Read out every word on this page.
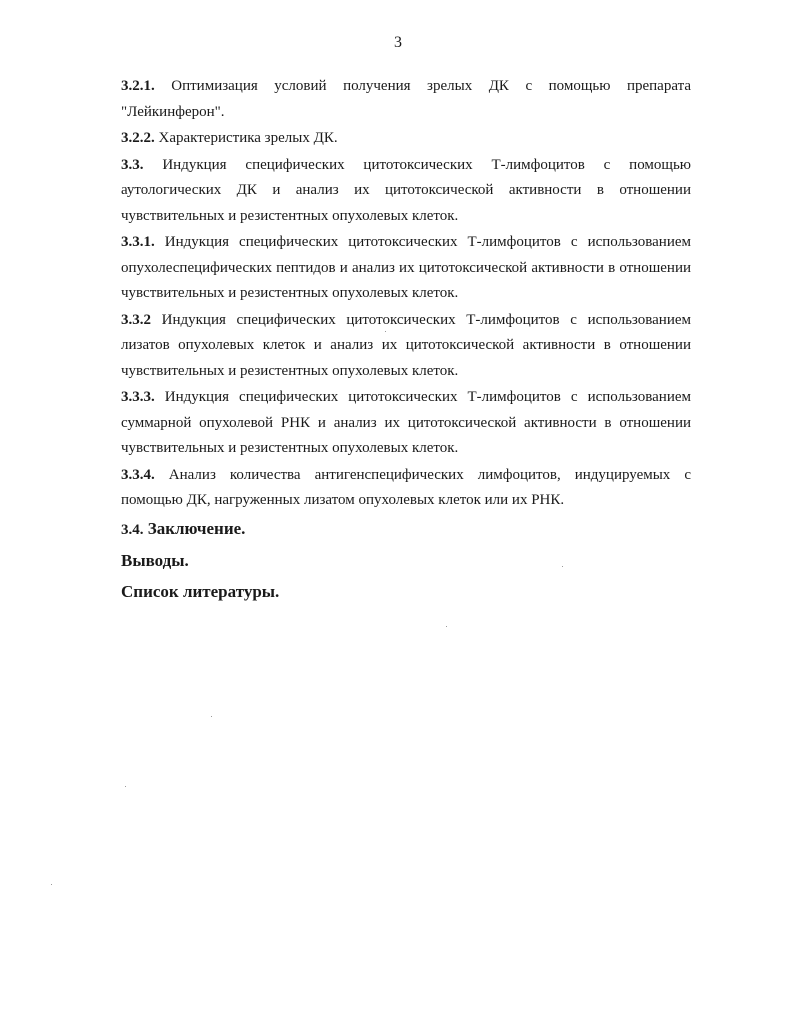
3

3.2.1. Оптимизация условий получения зрелых ДК с помощью препарата "Лейкинферон".

3.2.2. Характеристика зрелых ДК.

3.3. Индукция специфических цитотоксических Т-лимфоцитов с помощью аутологических ДК и анализ их цитотоксической активности в отношении чувствительных и резистентных опухолевых клеток.

3.3.1. Индукция специфических цитотоксических Т-лимфоцитов с использованием опухолеспецифических пептидов и анализ их цитотоксической активности в отношении чувствительных и резистентных опухолевых клеток.

3.3.2 Индукция специфических цитотоксических Т-лимфоцитов с использованием лизатов опухолевых клеток и анализ их цитотоксической активности в отношении чувствительных и резистентных опухолевых клеток.

3.3.3. Индукция специфических цитотоксических Т-лимфоцитов с использованием суммарной опухолевой РНК и анализ их цитотоксической активности в отношении чувствительных и резистентных опухолевых клеток.

3.3.4. Анализ количества антигенспецифических лимфоцитов, индуцируемых с помощью ДК, нагруженных лизатом опухолевых клеток или их РНК.

3.4. Заключение.

Выводы.

Список литературы.
